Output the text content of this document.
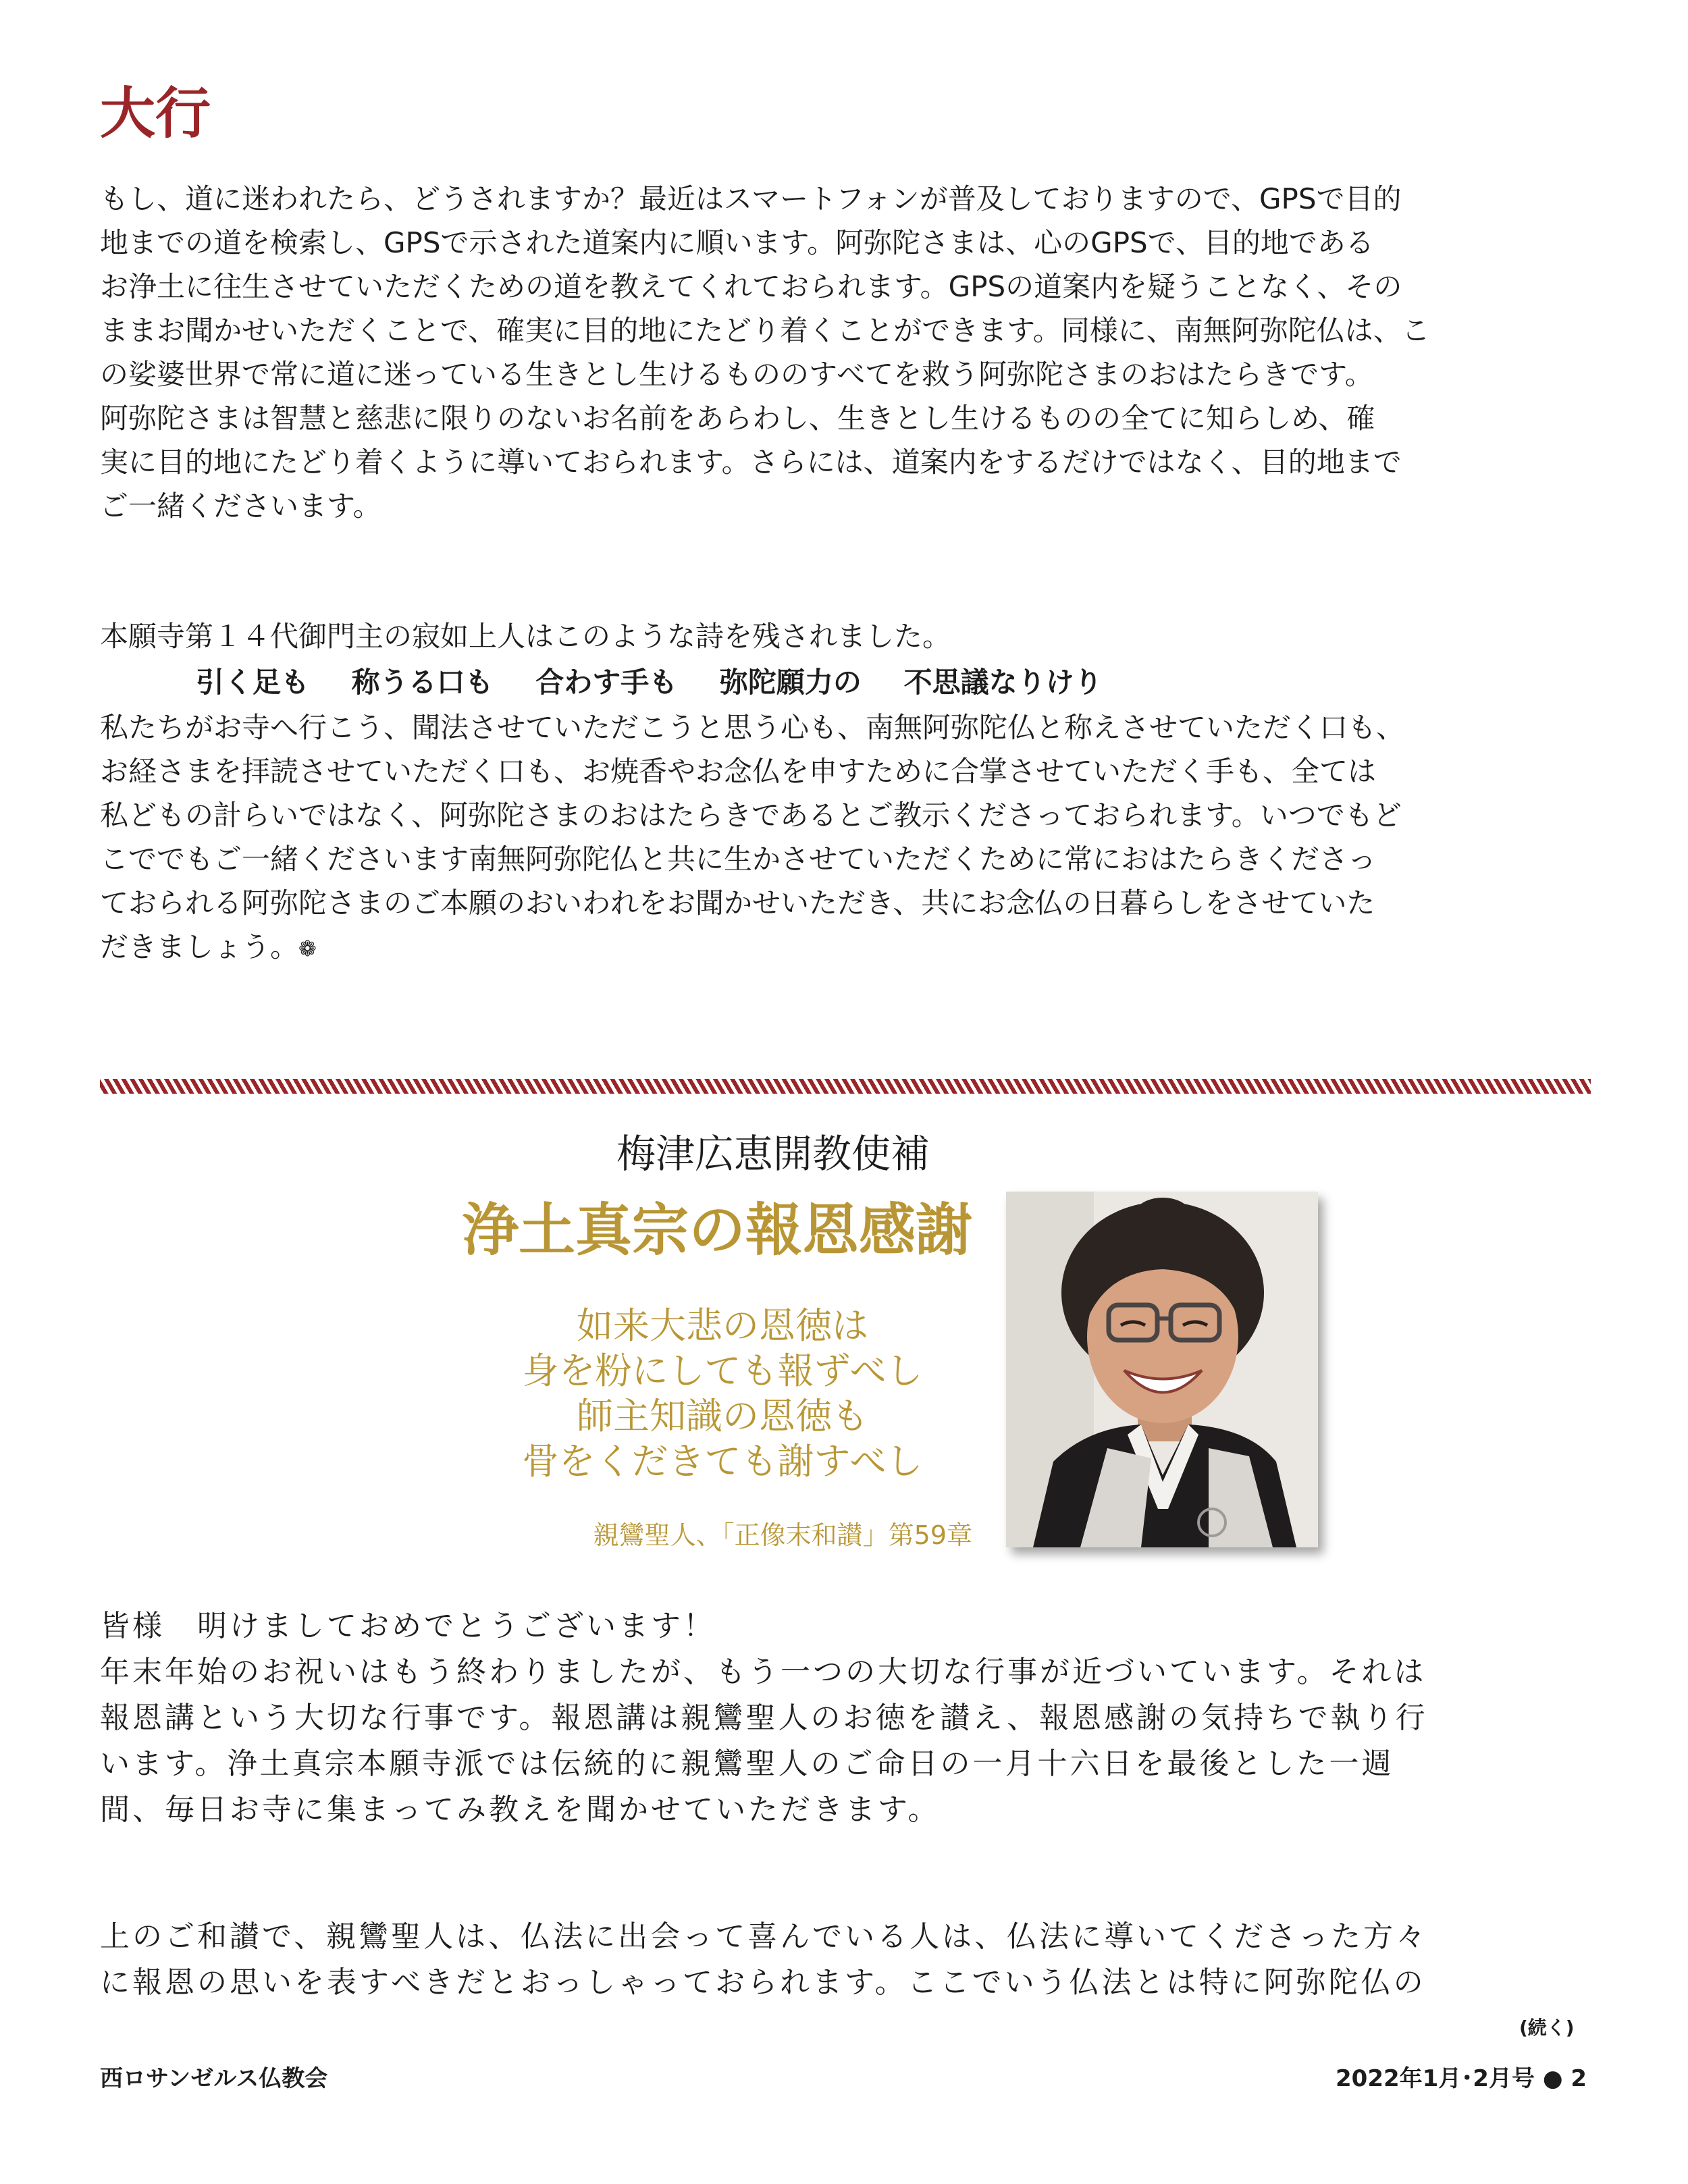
大行

もし、道に迷われたら、どうされますか？最近はスマートフォンが普及しておりますので、GPSで目的

地までの道を検索し、GPSで示された道案内に順います。阿弥陀さまは、心のGPSで、目的地である

お浄土に往生させていただくための道を教えてくれておられます。GPSの道案内を疑うことなく、その

ままお聞かせいただくことで、確実に目的地にたどり着くことができます。同様に、南無阿弥陀仏は、こ

の娑婆世界で常に道に迷っている生きとし生けるもののすべてを救う阿弥陀さまのおはたらきです。

阿弥陀さまは智慧と慈悲に限りのないお名前をあらわし、生きとし生けるものの全てに知らしめ、確

実に目的地にたどり着くように導いておられます。さらには、道案内をするだけではなく、目的地まで

ご一緒くださいます。

本願寺第１４代御門主の寂如上人はこのような詩を残されました。

引く足も 称うる口も 合わす手も 弥陀願力の 不思議なりけり

私たちがお寺へ行こう、聞法させていただこうと思う心も、南無阿弥陀仏と称えさせていただく口も、

お経さまを拝読させていただく口も、お焼香やお念仏を申すために合掌させていただく手も、全ては

私どもの計らいではなく、阿弥陀さまのおはたらきであるとご教示くださっておられます。いつでもど

こででもご一緒くださいます南無阿弥陀仏と共に生かさせていただくために常におはたらきくださっ

ておられる阿弥陀さまのご本願のおいわれをお聞かせいただき、共にお念仏の日暮らしをさせていた

だきましょう。❁

梅津広恵開教使補
浄土真宗の報恩感謝
如来大悲の恩徳は
身を粉にしても報ずべし
師主知識の恩徳も
骨をくだきても謝すべし
親鸞聖人、「正像末和讃」第59章

皆様　明けましておめでとうございます！

年末年始のお祝いはもう終わりましたが、もう一つの大切な行事が近づいています。それは

報恩講という大切な行事です。報恩講は親鸞聖人のお徳を讃え、報恩感謝の気持ちで執り行

います。浄土真宗本願寺派では伝統的に親鸞聖人のご命日の一月十六日を最後とした一週

間、毎日お寺に集まってみ教えを聞かせていただきます。

上のご和讃で、親鸞聖人は、仏法に出会って喜んでいる人は、仏法に導いてくださった方々

に報恩の思いを表すべきだとおっしゃっておられます。ここでいう仏法とは特に阿弥陀仏の

(続く)
西ロサンゼルス仏教会	2022年1月･2月号 ● 2
